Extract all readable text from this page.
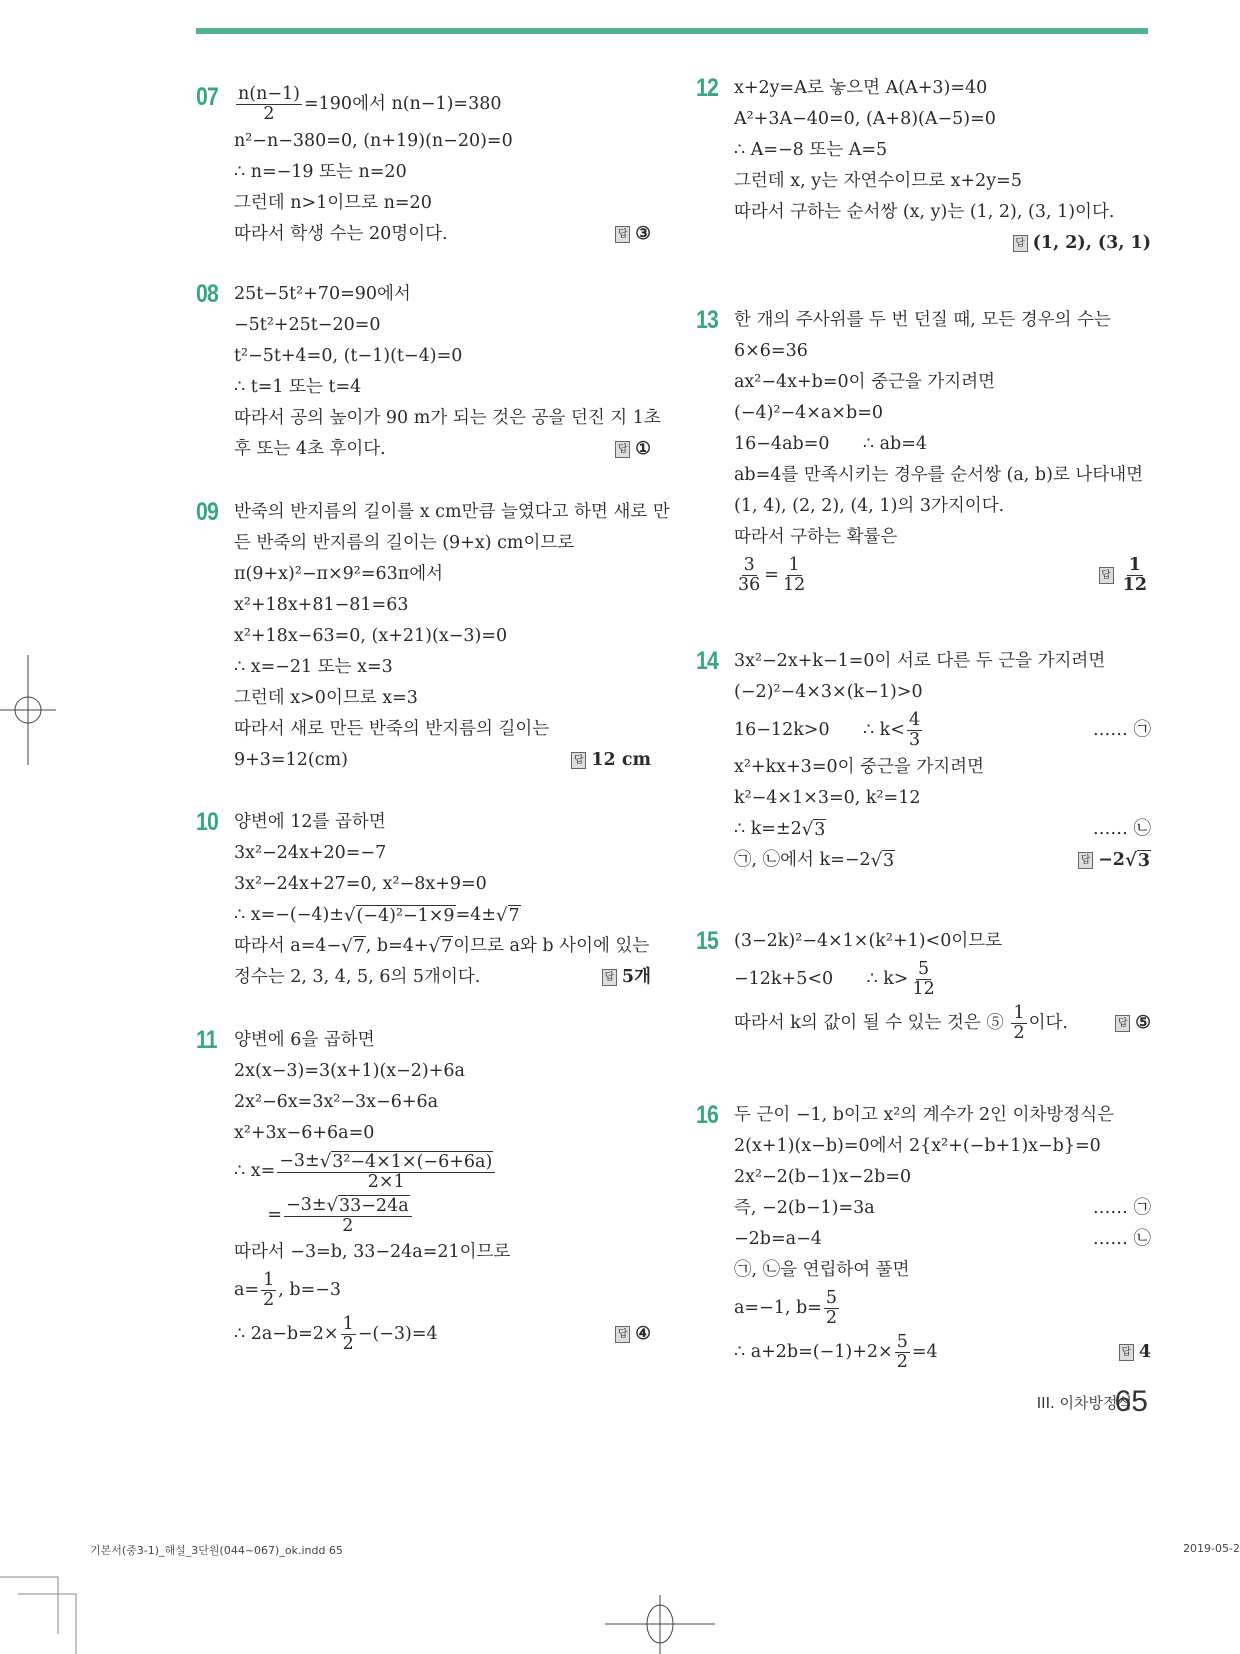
$07 \frac{n(n-1)}{2} =190$에서 n(n−1)=380
n²−n−380=0, (n+19)(n−20)=0
∴ n=−19 또는 n=20
그런데 n>1이므로 n=20
따라서 학생 수는 20명이다.	답 ③
08 25t−5t²+70=90에서
−5t²+25t−20=0
t²−5t+4=0, (t−1)(t−4)=0
∴ t=1 또는 t=4
따라서 공의 높이가 90 m가 되는 것은 공을 던진 지 1초
후 또는 4초 후이다.	답 ①
09 반죽의 반지름의 길이를 x cm만큼 늘였다고 하면 새로 만
든 반죽의 반지름의 길이는 (9+x) cm이므로
π(9+x)²−π×9²=63π에서
x²+18x+81−81=63
x²+18x−63=0, (x+21)(x−3)=0
∴ x=−21 또는 x=3
그런데 x>0이므로 x=3
따라서 새로 만든 반죽의 반지름의 길이는
9+3=12(cm)	답 12 cm
10 양변에 12를 곱하면
3x²−24x+20=−7
3x²−24x+27=0, x²−8x+9=0
∴ x=−(−4)± √ (−4)²−1×9 =4± √ 7
따라서 a=4− √ 7 , b=4+ √ 7 이므로 a와 b 사이에 있는
정수는 2, 3, 4, 5, 6의 5개이다.	답 5개
11 양변에 6을 곱하면
2x(x−3)=3(x+1)(x−2)+6a
2x²−6x=3x²−3x−6+6a
x²+3x−6+6a=0
∴ $x= \frac{\text{−3± √ 3²−4×1×(−6+6a)}}{2\times 1}$
= $\frac{-3\pm √ 33-24a}{2}$
따라서 −3=b, 33−24a=21이므로
$a= \frac{1}{2}$ , b=−3
∴ $2a-b=2\times \frac{1}{2} -(-3)=4$	답 ④
12 x+2y=A로 놓으면 A(A+3)=40
A²+3A−40=0, (A+8)(A−5)=0
∴ A=−8 또는 A=5
그런데 x, y는 자연수이므로 x+2y=5
따라서 구하는 순서쌍 (x, y)는 (1, 2), (3, 1)이다.
답 (1, 2), (3, 1)
13 한 개의 주사위를 두 번 던질 때, 모든 경우의 수는
6×6=36
ax²−4x+b=0이 중근을 가지려면
(−4)²−4×a×b=0
16−4ab=0      ∴ ab=4
ab=4를 만족시키는 경우를 순서쌍 (a, b)로 나타내면
(1, 4), (2, 2), (4, 1)의 3가지이다.
따라서 구하는 확률은
$\frac{3}{36} = \frac{1}{12}$	답 $\frac{1}{12}$
14 3x²−2x+k−1=0이 서로 다른 두 근을 가지려면
(−2)²−4×3×(k−1)>0
16−12k>0      ∴ $k< \frac{4}{3}$	…… ㉠
x²+kx+3=0이 중근을 가지려면
k²−4×1×3=0, k²=12
∴ k=±2 √ 3	…… ㉡
㉠, ㉡에서 k=−2 √ 3	답 −2 √ 3
15 (3−2k)²−4×1×(k²+1)<0이므로
−12k+5<0      ∴ $k> \frac{5}{12}$
따라서 k의 값이 될 수 있는 것은 ⑤ $\frac{1}{2}$ 이다.	답 ⑤
16 두 근이 −1, b이고 x²의 계수가 2인 이차방정식은
2(x+1)(x−b)=0에서 2{x²+(−b+1)x−b}=0
2x²−2(b−1)x−2b=0
즉, −2(b−1)=3a	…… ㉠
−2b=a−4	…… ㉡
㉠, ㉡을 연립하여 풀면
a=−1, $b= \frac{5}{2}$
∴ $a+2b=(-1)+2\times \frac{5}{2} =4$	답 4
III. 이차방정식
65
기본서(중3-1)_해설_3단원(044~067)_ok.indd 65	2019-05-2
